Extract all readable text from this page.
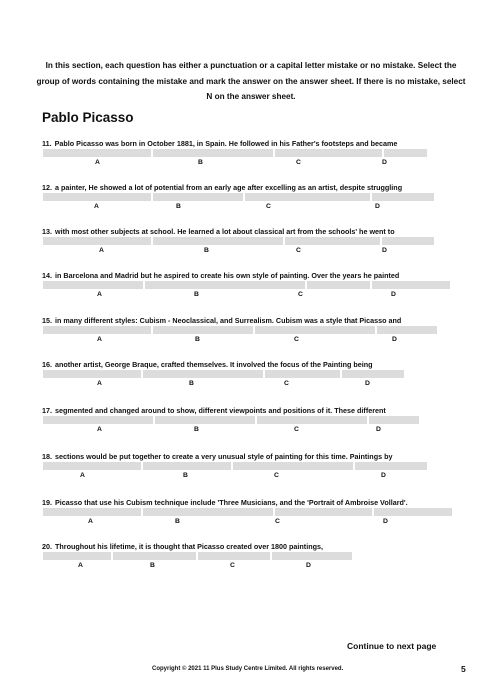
In this section, each question has either a punctuation or a capital letter mistake or no mistake. Select the group of words containing the mistake and mark the answer on the answer sheet. If there is no mistake, select N on the answer sheet.
Pablo Picasso
11. Pablo Picasso was born in October 1881, in Spain. He followed in his Father's footsteps and became
A	B	C	D
12. a painter, He showed a lot of potential from an early age after excelling as an artist, despite struggling
A	B	C	D
13. with most other subjects at school. He learned a lot about classical art from the schools' he went to
A	B	C	D
14. in Barcelona and Madrid but he aspired to create his own style of painting. Over the years he painted
A	B	C	D
15. in many different styles: Cubism - Neoclassical, and Surrealism. Cubism was a style that Picasso and
A	B	C	D
16. another artist, George Braque, crafted themselves. It involved the focus of the Painting being
A	B	C	D
17. segmented and changed around to show, different viewpoints and positions of it. These different
A	B	C	D
18. sections would be put together to create a very unusual style of painting for this time. Paintings by
A	B	C	D
19. Picasso that use his Cubism technique include 'Three Musicians, and the 'Portrait of Ambroise Vollard'.
A	B	C	D
20. Throughout his lifetime, it is thought that Picasso created over 1800 paintings,
A	B	C	D
Continue to next page
Copyright © 2021 11 Plus Study Centre Limited. All rights reserved.	5
